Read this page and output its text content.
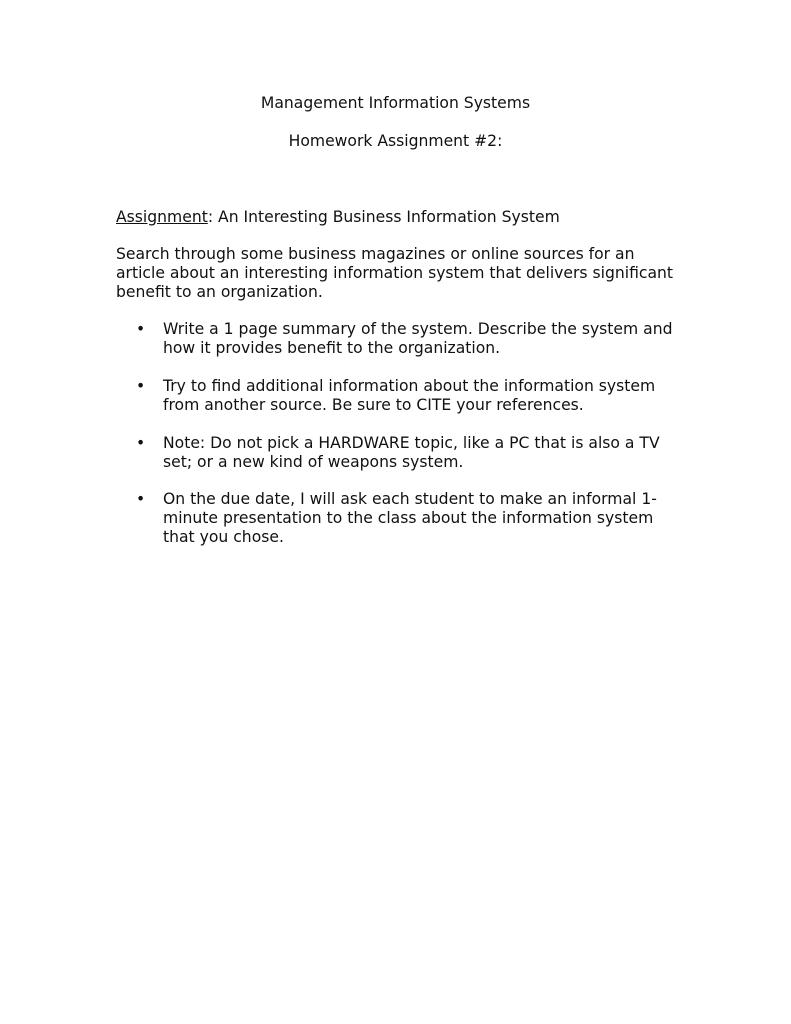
Management Information Systems
Homework Assignment #2:
Assignment: An Interesting Business Information System

Search through some business magazines or online sources for an article about an interesting information system that delivers significant benefit to an organization.

• Write a 1 page summary of the system. Describe the system and how it provides benefit to the organization.

• Try to find additional information about the information system from another source. Be sure to CITE your references.

• Note: Do not pick a HARDWARE topic, like a PC that is also a TV set; or a new kind of weapons system.

• On the due date, I will ask each student to make an informal 1-minute presentation to the class about the information system that you chose.
